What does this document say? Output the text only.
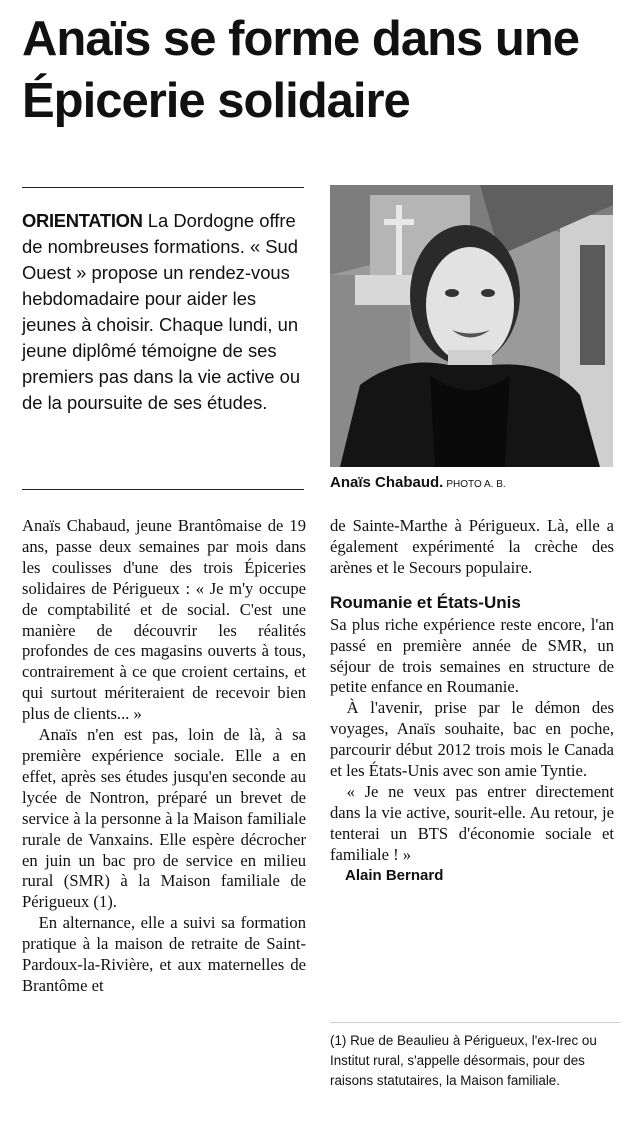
Anaïs se forme dans une Épicerie solidaire

ORIENTATION La Dordogne offre de nombreuses formations. « Sud Ouest » propose un rendez-vous hebdomadaire pour aider les jeunes à choisir. Chaque lundi, un jeune diplômé témoigne de ses premiers pas dans la vie active ou de la poursuite de ses études.

Anaïs Chabaud. PHOTO A. B.

Anaïs Chabaud, jeune Brantômaise de 19 ans, passe deux semaines par mois dans les coulisses d'une des trois Épiceries solidaires de Périgueux : « Je m'y occupe de comptabilité et de social. C'est une manière de découvrir les réalités profondes de ces magasins ouverts à tous, contrairement à ce que croient certains, et qui surtout mériteraient de recevoir bien plus de clients... »

Anaïs n'en est pas, loin de là, à sa première expérience sociale. Elle a en effet, après ses études jusqu'en seconde au lycée de Nontron, préparé un brevet de service à la personne à la Maison familiale rurale de Vanxains. Elle espère décrocher en juin un bac pro de service en milieu rural (SMR) à la Maison familiale de Périgueux (1).

En alternance, elle a suivi sa formation pratique à la maison de retraite de Saint-Pardoux-la-Rivière, et aux maternelles de Brantôme et

de Sainte-Marthe à Périgueux. Là, elle a également expérimenté la crèche des arènes et le Secours populaire.

Roumanie et États-Unis

Sa plus riche expérience reste encore, l'an passé en première année de SMR, un séjour de trois semaines en structure de petite enfance en Roumanie.

À l'avenir, prise par le démon des voyages, Anaïs souhaite, bac en poche, parcourir début 2012 trois mois le Canada et les États-Unis avec son amie Tyntie.

« Je ne veux pas entrer directement dans la vie active, sourit-elle. Au retour, je tenterai un BTS d'économie sociale et familiale ! »

Alain Bernard

(1) Rue de Beaulieu à Périgueux, l'ex-Irec ou Institut rural, s'appelle désormais, pour des raisons statutaires, la Maison familiale.
